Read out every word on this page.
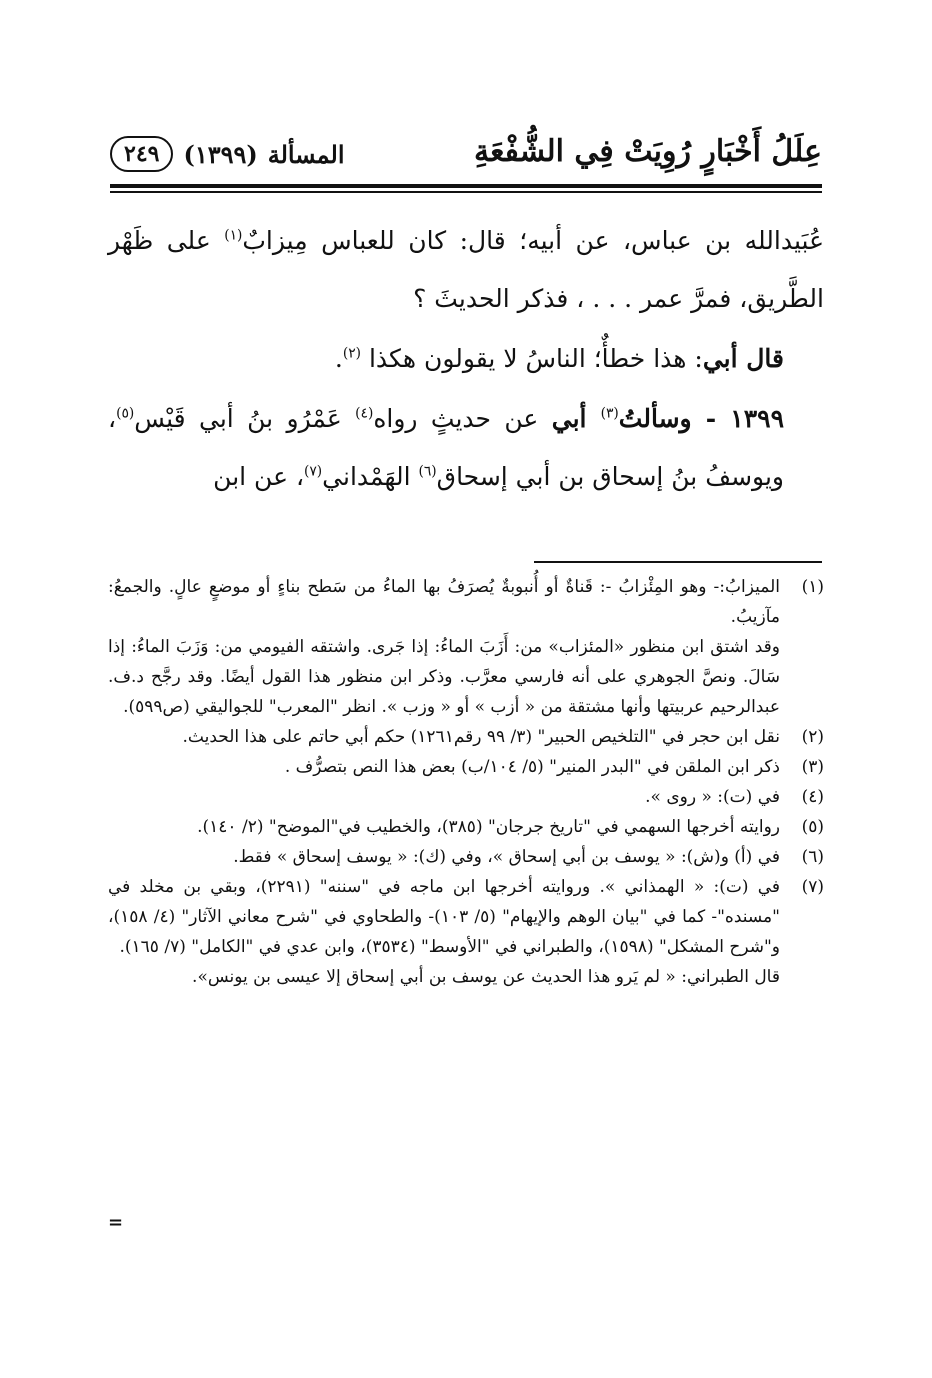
عِلَلُ أَخْبَارٍ رُوِيَتْ فِي الشُّفْعَةِ
المسألة
(١٣٩٩)
٢٤٩

عُبَيدالله بن عباس، عن أبيه؛ قال: كان للعباس مِيزابٌ$^{(١)}$ على ظَهْر الطَّريق، فمرَّ عمر . . . ، فذكر الحديثَ ؟

قال أبي: هذا خطأٌ؛ الناسُ لا يقولون هكذا $^{(٢)}$.

١٣٩٩ - وسألتُ$^{(٣)}$ أبي عن حديثٍ رواه$^{(٤)}$ عَمْرُو بنُ أبي قَيْس$^{(٥)}$، ويوسفُ بنُ إسحاق بن أبي إسحاق$^{(٦)}$ الهَمْداني$^{(٧)}$، عن ابن

(١)

الميزابُ:- وهو المِئْزابُ -: قَناةٌ أو أُنبوبةٌ يُصرَفُ بها الماءُ من سَطح بناءٍ أو موضعٍ عالٍ. والجمعُ: مآزيبُ.

وقد اشتق ابن منظور «المئزاب» من: أَزَبَ الماءُ: إذا جَرى. واشتقه الفيومي من: وَزَبَ الماءُ: إذا سَالَ. ونصَّ الجوهري على أنه فارسي معرَّب. وذكر ابن منظور هذا القول أيضًا. وقد رجَّح د.ف. عبدالرحيم عربيتها وأنها مشتقة من « أزب » أو « وزب ». انظر "المعرب" للجواليقي (ص٥٩٩).

(٢)

نقل ابن حجر في "التلخيص الحبير" (٣/ ٩٩ رقم١٢٦١) حكم أبي حاتم على هذا الحديث.

(٣)

ذكر ابن الملقن في "البدر المنير" (٥/ ١٠٤/ب) بعض هذا النص بتصرُّف .

(٤)

في (ت): « روى ».

(٥)

روايته أخرجها السهمي في "تاريخ جرجان" (٣٨٥)، والخطيب في"الموضح" (٢/ ١٤٠).

(٦)

في (أ) و(ش): « يوسف بن أبي إسحاق »، وفي (ك): « يوسف إسحاق » فقط.

(٧)

في (ت): « الهمذاني ». وروايته أخرجها ابن ماجه في "سننه" (٢٢٩١)، وبقي بن مخلد في "مسنده"- كما في "بيان الوهم والإيهام" (٥/ ١٠٣)- والطحاوي في "شرح معاني الآثار" (٤/ ١٥٨)، و"شرح المشكل" (١٥٩٨)، والطبراني في "الأوسط" (٣٥٣٤)، وابن عدي في "الكامل" (٧/ ١٦٥).

قال الطبراني: « لم يَرو هذا الحديث عن يوسف بن أبي إسحاق إلا عيسى بن يونس».

=
